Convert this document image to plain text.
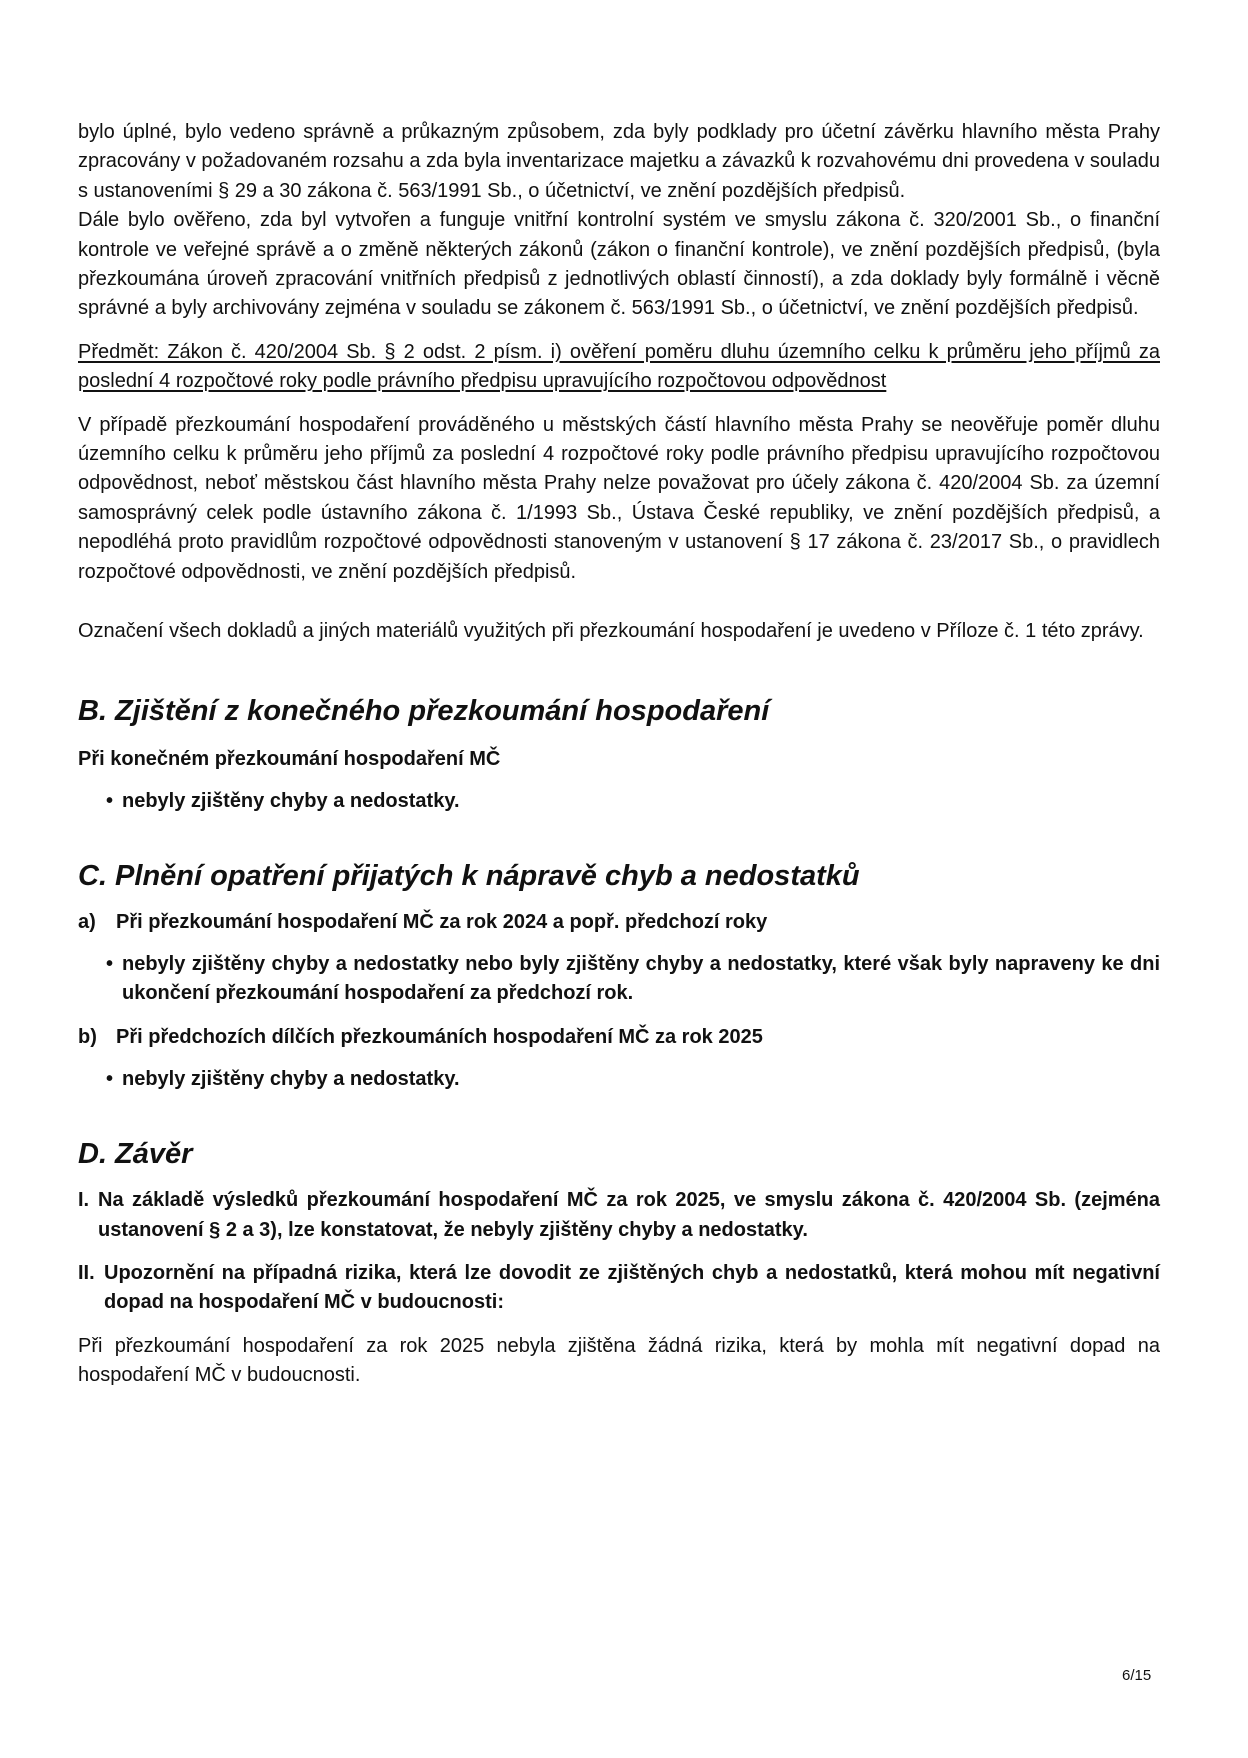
bylo úplné, bylo vedeno správně a průkazným způsobem, zda byly podklady pro účetní závěrku hlavního města Prahy zpracovány v požadovaném rozsahu a zda byla inventarizace majetku a závazků k rozvahovému dni provedena v souladu s ustanoveními § 29 a 30 zákona č. 563/1991 Sb., o účetnictví, ve znění pozdějších předpisů.

Dále bylo ověřeno, zda byl vytvořen a funguje vnitřní kontrolní systém ve smyslu zákona č. 320/2001 Sb., o finanční kontrole ve veřejné správě a o změně některých zákonů (zákon o finanční kontrole), ve znění pozdějších předpisů, (byla přezkoumána úroveň zpracování vnitřních předpisů z jednotlivých oblastí činností), a zda doklady byly formálně i věcně správné a byly archivovány zejména v souladu se zákonem č. 563/1991 Sb., o účetnictví, ve znění pozdějších předpisů.

Předmět: Zákon č. 420/2004 Sb. § 2 odst. 2 písm. i) ověření poměru dluhu územního celku k průměru jeho příjmů za poslední 4 rozpočtové roky podle právního předpisu upravujícího rozpočtovou odpovědnost

V případě přezkoumání hospodaření prováděného u městských částí hlavního města Prahy se neověřuje poměr dluhu územního celku k průměru jeho příjmů za poslední 4 rozpočtové roky podle právního předpisu upravujícího rozpočtovou odpovědnost, neboť městskou část hlavního města Prahy nelze považovat pro účely zákona č. 420/2004 Sb. za územní samosprávný celek podle ústavního zákona č. 1/1993 Sb., Ústava České republiky, ve znění pozdějších předpisů, a nepodléhá proto pravidlům rozpočtové odpovědnosti stanoveným v ustanovení § 17 zákona č. 23/2017 Sb., o pravidlech rozpočtové odpovědnosti, ve znění pozdějších předpisů.

Označení všech dokladů a jiných materiálů využitých při přezkoumání hospodaření je uvedeno v Příloze č. 1 této zprávy.

B. Zjištění z konečného přezkoumání hospodaření
Při konečném přezkoumání hospodaření MČ
• nebyly zjištěny chyby a nedostatky.
C. Plnění opatření přijatých k nápravě chyb a nedostatků
a) Při přezkoumání hospodaření MČ za rok 2024 a popř. předchozí roky
• nebyly zjištěny chyby a nedostatky nebo byly zjištěny chyby a nedostatky, které však byly napraveny ke dni ukončení přezkoumání hospodaření za předchozí rok.
b) Při předchozích dílčích přezkoumáních hospodaření MČ za rok 2025
• nebyly zjištěny chyby a nedostatky.
D. Závěr
I. Na základě výsledků přezkoumání hospodaření MČ za rok 2025, ve smyslu zákona č. 420/2004 Sb. (zejména ustanovení § 2 a 3), lze konstatovat, že nebyly zjištěny chyby a nedostatky.
II. Upozornění na případná rizika, která lze dovodit ze zjištěných chyb a nedostatků, která mohou mít negativní dopad na hospodaření MČ v budoucnosti:

Při přezkoumání hospodaření za rok 2025 nebyla zjištěna žádná rizika, která by mohla mít negativní dopad na hospodaření MČ v budoucnosti.

6/15
